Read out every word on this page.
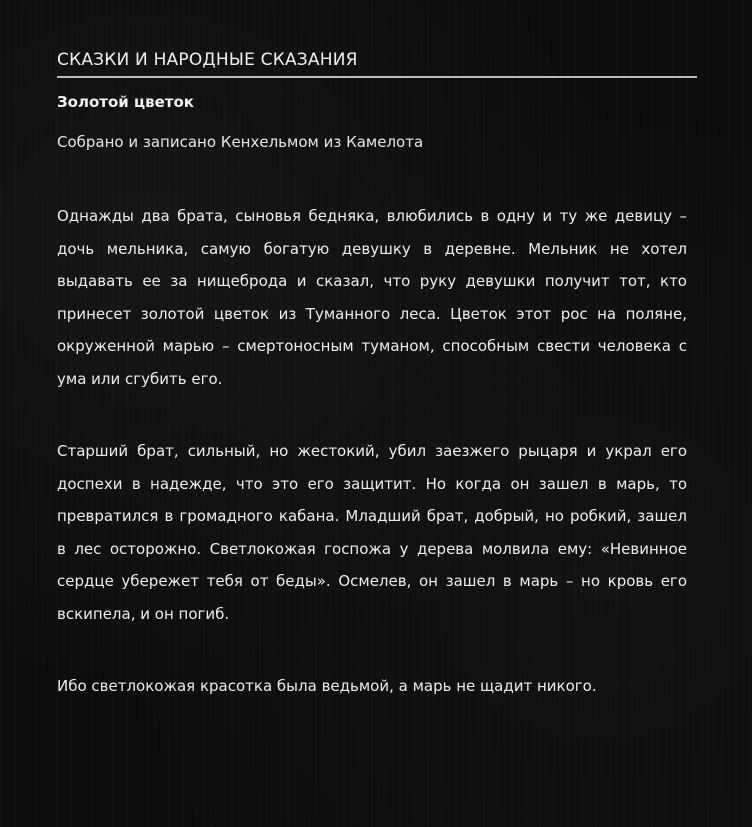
СКАЗКИ И НАРОДНЫЕ СКАЗАНИЯ
Золотой цветок
Собрано и записано Кенхельмом из Камелота
Однажды два брата, сыновья бедняка, влюбились в одну и ту же девицу – дочь мельника, самую богатую девушку в деревне. Мельник не хотел выдавать ее за нищеброда и сказал, что руку девушки получит тот, кто принесет золотой цветок из Туманного леса. Цветок этот рос на поляне, окруженной марью – смертоносным туманом, способным свести человека с ума или сгубить его.
Старший брат, сильный, но жестокий, убил заезжего рыцаря и украл его доспехи в надежде, что это его защитит. Но когда он зашел в марь, то превратился в громадного кабана. Младший брат, добрый, но робкий, зашел в лес осторожно. Светлокожая госпожа у дерева молвила ему: «Невинное сердце убережет тебя от беды». Осмелев, он зашел в марь – но кровь его вскипела, и он погиб.
Ибо светлокожая красотка была ведьмой, а марь не щадит никого.
